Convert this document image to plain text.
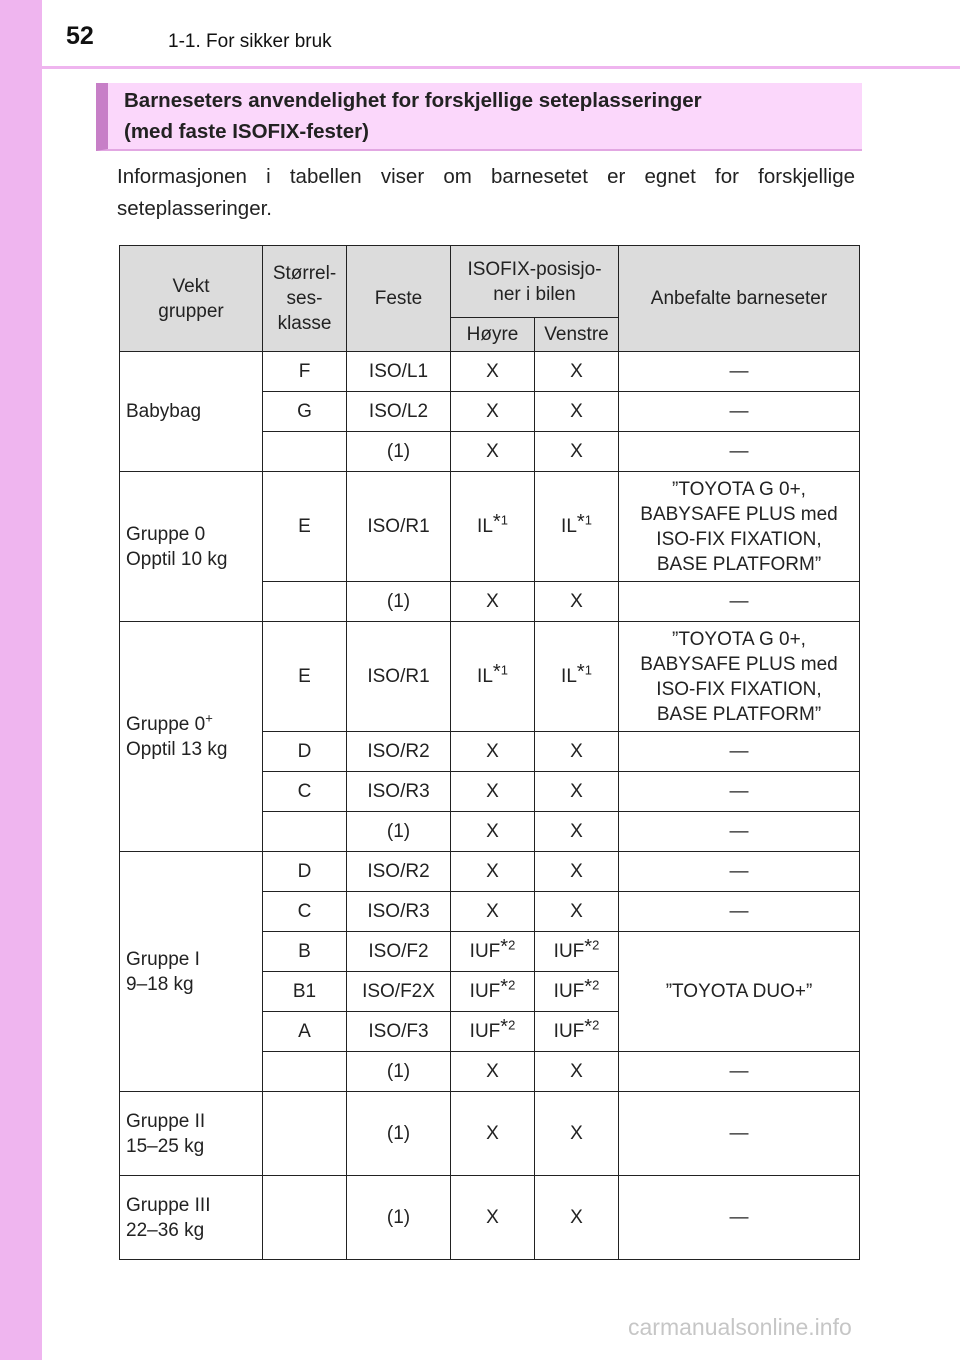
52	1-1. For sikker bruk
Barneseters anvendelighet for forskjellige seteplasseringer
(med faste ISOFIX-fester)
Informasjonen i tabellen viser om barnesetet er egnet for forskjellige seteplasseringer.
Vekt
grupper	Størrel-
ses-
klasse	Feste	ISOFIX-posisjo-
ner i bilen		Anbefalte barneseter
			Høyre	Venstre	
Babybag	F	ISO/L1	X	X	—
	G	ISO/L2	X	X	—
		(1)	X	X	—
Gruppe 0
Opptil 10 kg	E	ISO/R1	IL*$^1$	IL*$^1$	”TOYOTA G 0+,
BABYSAFE PLUS med
ISO-FIX FIXATION,
BASE PLATFORM”
		(1)	X	X	—
Gruppe 0+
Opptil 13 kg	E	ISO/R1	IL*$^1$	IL*$^1$	”TOYOTA G 0+,
BABYSAFE PLUS med
ISO-FIX FIXATION,
BASE PLATFORM”
	D	ISO/R2	X	X	—
	C	ISO/R3	X	X	—
		(1)	X	X	—
Gruppe I
9–18 kg	D	ISO/R2	X	X	—
	C	ISO/R3	X	X	—
	B	ISO/F2	IUF*$^2$	IUF*$^2$	”TOYOTA DUO+”
	B1	ISO/F2X	IUF*$^2$	IUF*$^2$
	A	ISO/F3	IUF*$^2$	IUF*$^2$
		(1)	X	X	—
Gruppe II
15–25 kg		(1)	X	X	—
Gruppe III
22–36 kg		(1)	X	X	—
carmanualsonline.info
